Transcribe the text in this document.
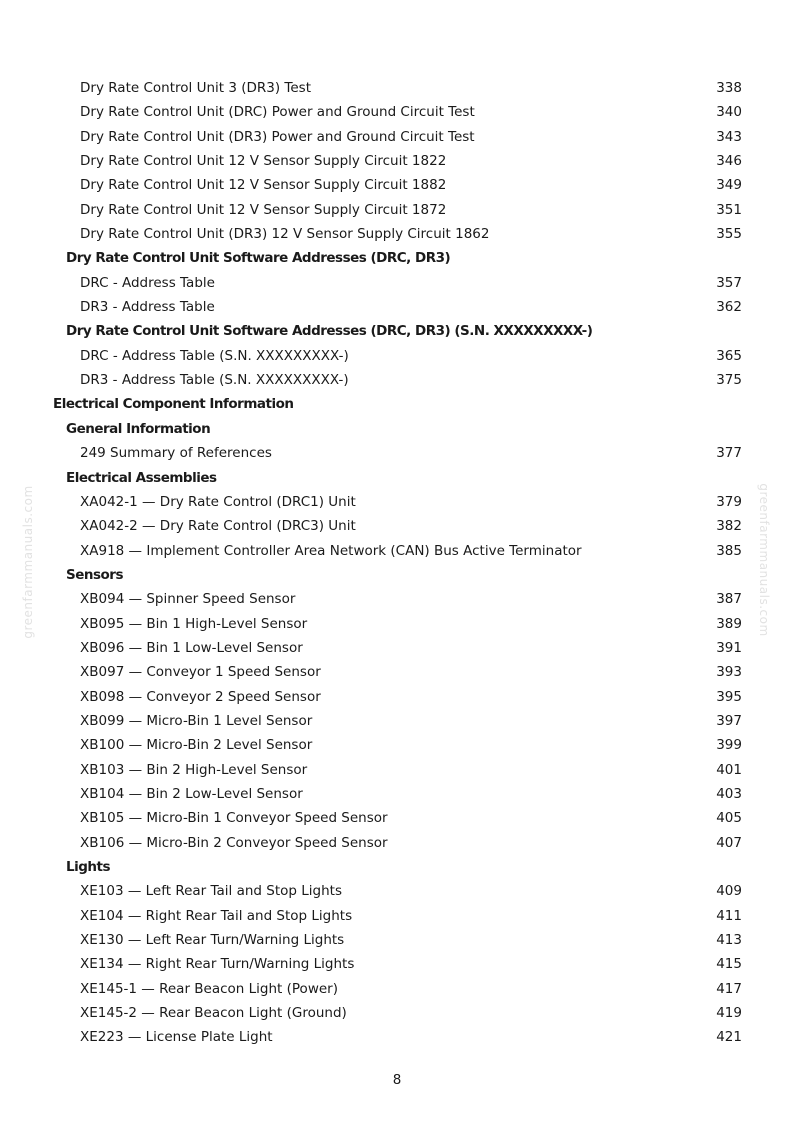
greenfarmmanuals.com	greenfarmmanuals.com
Dry Rate Control Unit 3 (DR3) Test	338
Dry Rate Control Unit (DRC) Power and Ground Circuit Test	340
Dry Rate Control Unit (DR3) Power and Ground Circuit Test	343
Dry Rate Control Unit 12 V Sensor Supply Circuit 1822	346
Dry Rate Control Unit 12 V Sensor Supply Circuit 1882	349
Dry Rate Control Unit 12 V Sensor Supply Circuit 1872	351
Dry Rate Control Unit (DR3) 12 V Sensor Supply Circuit 1862	355
Dry Rate Control Unit Software Addresses (DRC, DR3)
DRC - Address Table	357
DR3 - Address Table	362
Dry Rate Control Unit Software Addresses (DRC, DR3) (S.N. XXXXXXXXX-)
DRC - Address Table (S.N. XXXXXXXXX-)	365
DR3 - Address Table (S.N. XXXXXXXXX-)	375
Electrical Component Information
General Information
249 Summary of References	377
Electrical Assemblies
XA042-1 — Dry Rate Control (DRC1) Unit	379
XA042-2 — Dry Rate Control (DRC3) Unit	382
XA918 — Implement Controller Area Network (CAN) Bus Active Terminator	385
Sensors
XB094 — Spinner Speed Sensor	387
XB095 — Bin 1 High-Level Sensor	389
XB096 — Bin 1 Low-Level Sensor	391
XB097 — Conveyor 1 Speed Sensor	393
XB098 — Conveyor 2 Speed Sensor	395
XB099 — Micro-Bin 1 Level Sensor	397
XB100 — Micro-Bin 2 Level Sensor	399
XB103 — Bin 2 High-Level Sensor	401
XB104 — Bin 2 Low-Level Sensor	403
XB105 — Micro-Bin 1 Conveyor Speed Sensor	405
XB106 — Micro-Bin 2 Conveyor Speed Sensor	407
Lights
XE103 — Left Rear Tail and Stop Lights	409
XE104 — Right Rear Tail and Stop Lights	411
XE130 — Left Rear Turn/Warning Lights	413
XE134 — Right Rear Turn/Warning Lights	415
XE145-1 — Rear Beacon Light (Power)	417
XE145-2 — Rear Beacon Light (Ground)	419
XE223 — License Plate Light	421
8
